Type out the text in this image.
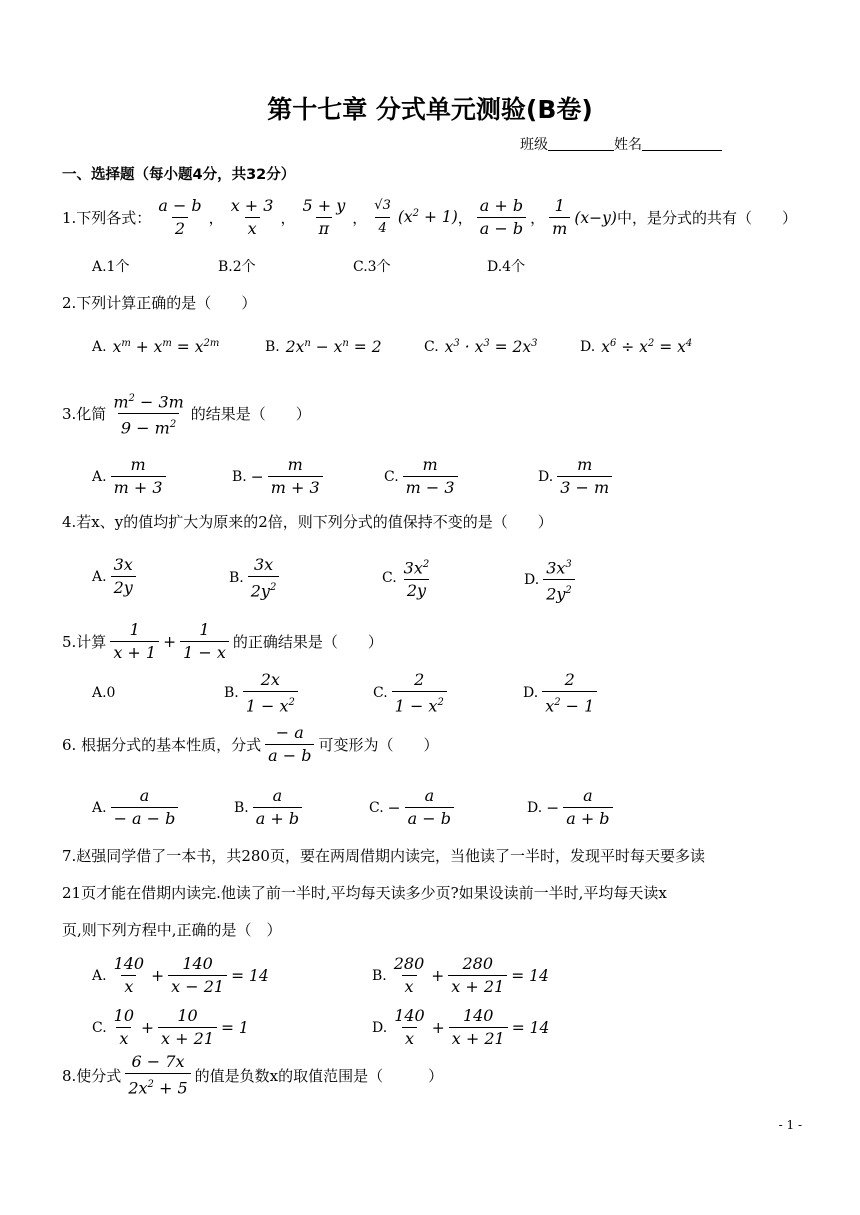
第十七章 分式单元测验(B卷)
班级	姓名
一、选择题（每小题4分，共32分）
1.下列各式： $\frac{a - b}{2}$ ， $\frac{x + 3}{x}$ ， $\frac{5 + y}{\pi}$ ， $\frac{√3}{4} (x^2 + 1)$ ， $\frac{a + b}{a - b}$ ， $\frac{1}{m} (x-y)$ 中，是分式的共有（　　）
A.1个	B.2个	C.3个	D.4个
2.下列计算正确的是（　　）
A. $x^m + x^m = x^{2m}$	B. $2x^n - x^n = 2$	C. $x^3 \cdot x^3 = 2x^3$	D. $x^6 \div x^2 = x^4$
3.化简 $\frac{m^2 - 3m}{9 - m^2}$ 的结果是（　　）
A. $\frac{m}{m + 3}$	B. − $\frac{m}{m + 3}$	C. $\frac{m}{m - 3}$	D. $\frac{m}{3 - m}$
4.若x、y的值均扩大为原来的2倍，则下列分式的值保持不变的是（　　）
A. $\frac{3x}{2y}$	B. $\frac{3x}{2y^2}$	C. $\frac{3x^2}{2y}$	D. $\frac{3x^3}{2y^2}$
5.计算 $\frac{1}{x + 1} + \frac{1}{1 - x}$ 的正确结果是（　　）
A.0	B. $\frac{2x}{1 - x^2}$	C. $\frac{2}{1 - x^2}$	D. $\frac{2}{x^2 - 1}$
6. 根据分式的基本性质，分式 $\frac{- a}{a - b}$ 可变形为（　　）
A. $\frac{a}{- a - b}$	B. $\frac{a}{a + b}$	C. − $\frac{a}{a - b}$	D. − $\frac{a}{a + b}$
7.赵强同学借了一本书，共280页，要在两周借期内读完，当他读了一半时，发现平时每天要多读
21页才能在借期内读完.他读了前一半时,平均每天读多少页?如果设读前一半时,平均每天读x
页,则下列方程中,正确的是（　）
A. $\frac{140}{x} + \frac{140}{x - 21} = 14$	B. $\frac{280}{x} + \frac{280}{x + 21} = 14$
C. $\frac{10}{x} + \frac{10}{x + 21} = 1$	D. $\frac{140}{x} + \frac{140}{x + 21} = 14$
8.使分式 $\frac{6 - 7x}{2x^2 + 5}$ 的值是负数x的取值范围是（　　　）
- 1 -
